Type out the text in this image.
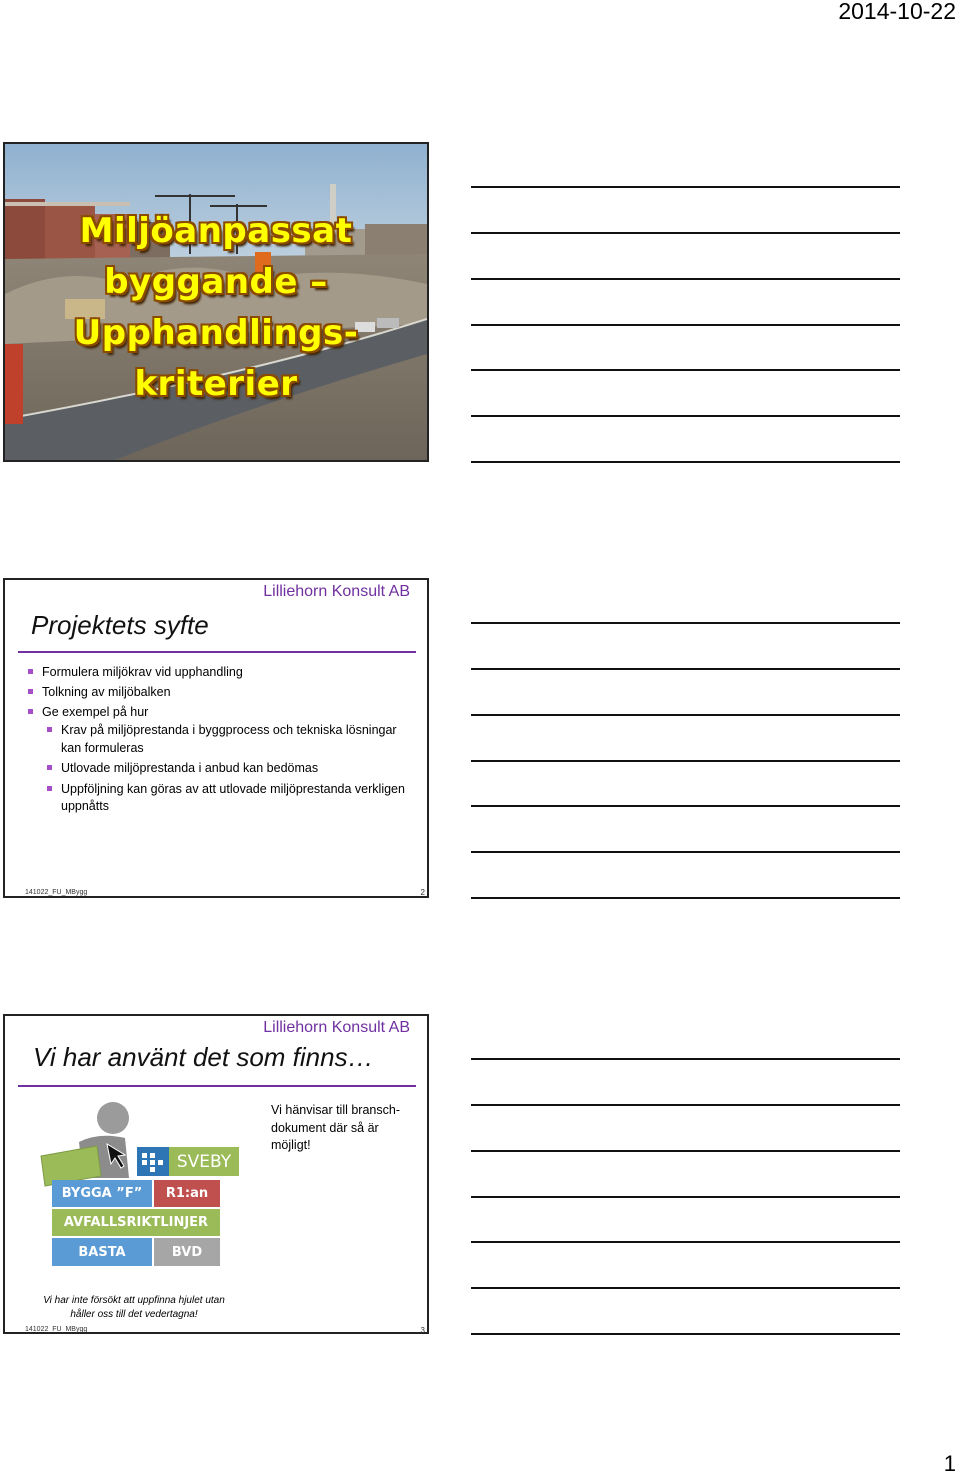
2014-10-22
Miljöanpassat
byggande –
Upphandlings-
kriterier
Lilliehorn Konsult AB
Projektets syfte
Formulera miljökrav vid upphandling
Tolkning av miljöbalken
Ge exempel på hur
Krav på miljöprestanda i byggprocess och tekniska lösningar kan formuleras
Utlovade miljöprestanda i anbud kan bedömas
Uppföljning kan göras av att utlovade miljöprestanda verkligen uppnåtts
141022_FU_MBygg	2
Lilliehorn Konsult AB
Vi har använt det som finns…
SVEBY
BYGGA ”F”	R1:an
AVFALLSRIKTLINJER
BASTA	BVD
Vi hänvisar till bransch-dokument där så är möjligt!
Vi har inte försökt att uppfinna hjulet utan håller oss till det vedertagna!
141022_FU_MBygg	3
1
